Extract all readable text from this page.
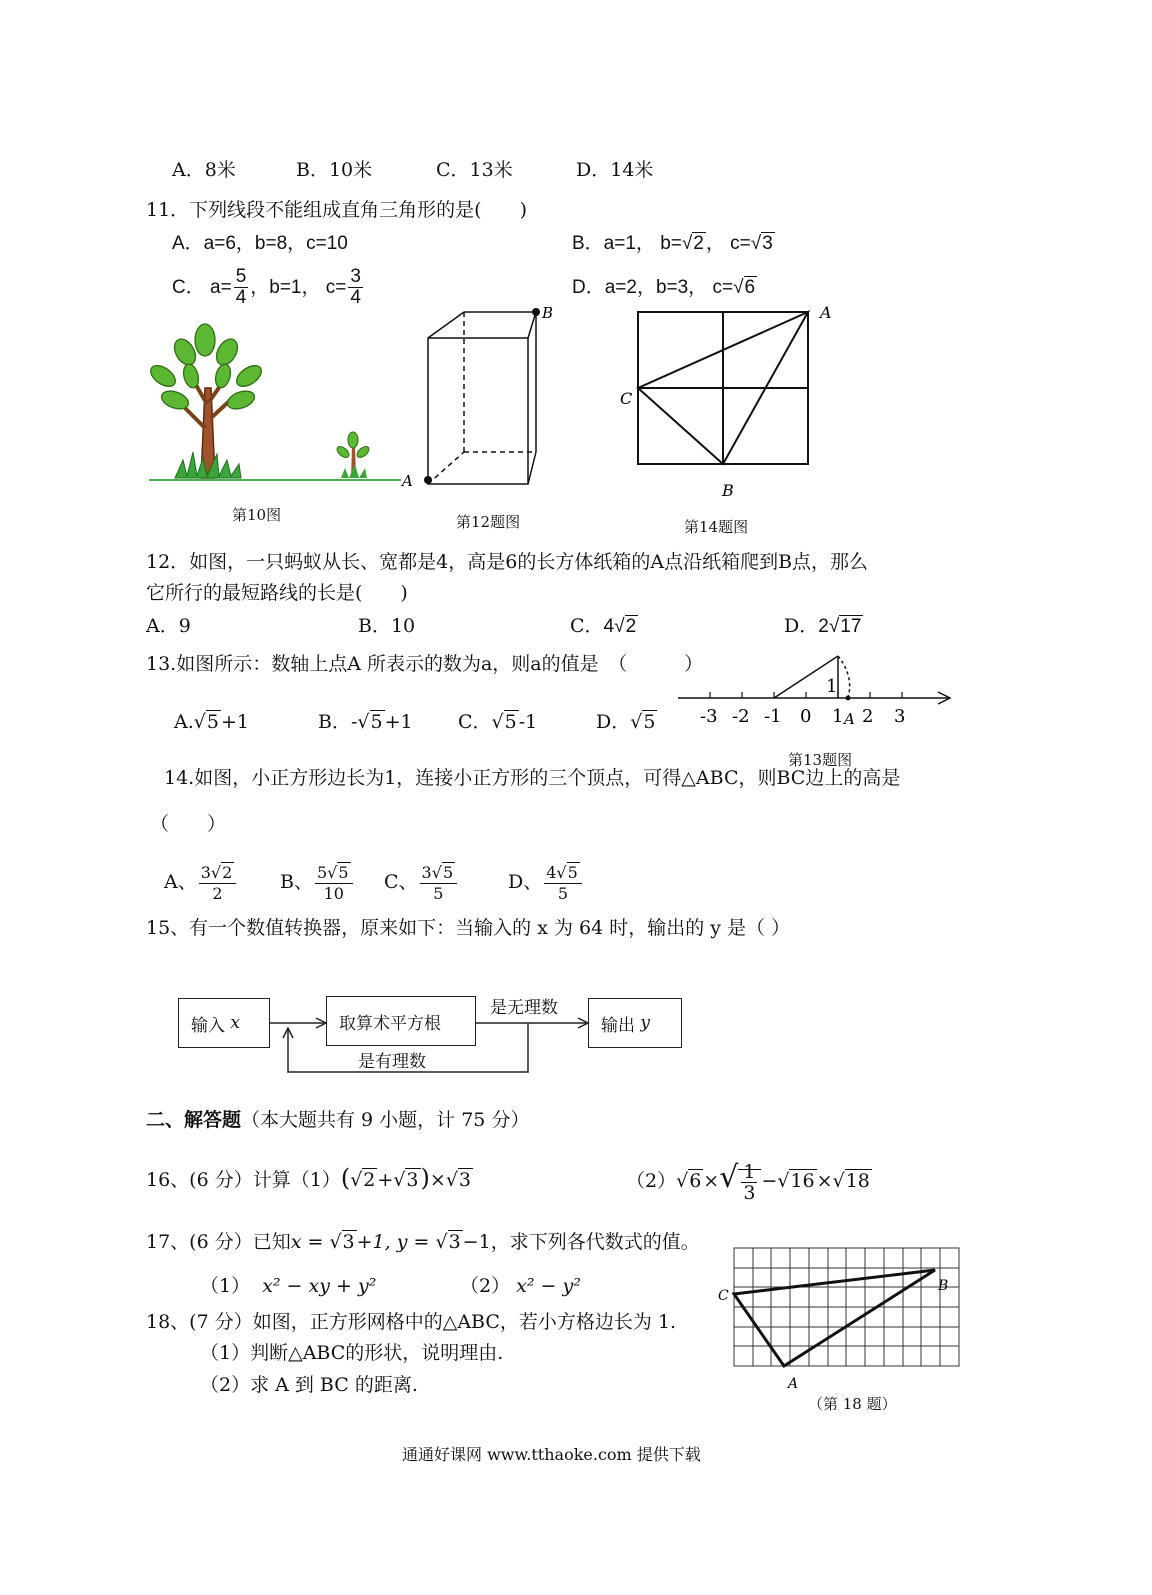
A．8米	B．10米	C．13米	D．14米
11．下列线段不能组成直角三角形的是(　　)
A．a=6，b=8，c=10	B．a=1， b=√2 ， c=√3
C． $a= \frac{5}{4}$ ，b=1， $c= \frac{3}{4}$	D．a=2，b=3， c=√6
第10图
B
A
第12题图
A
C
B
第14题图
12．如图，一只蚂蚁从长、宽都是4，高是6的长方体纸箱的A点沿纸箱爬到B点，那么
它所行的最短路线的长是(　　)
A．9	B．10	C．4√2	D．2√17
13.如图所示：数轴上点A 所表示的数为a，则a的值是　（　　　）
A.√5 +1	B．-√5 +1 C．√5 -1	D．√5 -3 -2 -1 0 1 2 3
1
A
第13题图
14.如图，小正方形边长为1，连接小正方形的三个顶点，可得△ABC，则BC边上的高是
（　　）
A、 $\frac{3√2}{2}$ B、 $\frac{5√5}{10}$ C、 $\frac{3√5}{5}$	D、 $\frac{4√5}{5}$
15、有一个数值转换器，原来如下：当输入的 x 为 64 时，输出的 y 是（ ）
输入
x	取算术平方根	输出
y
是无理数
是有理数
二、解答题（本大题共有 9 小题，计 75 分）
16、(6 分）计算（1）(√2 +√3)×√3	（2）√6 ×√ $\frac{1}{3} -√16 \times√18$
17、(6 分）已知x = √3 +1, y = √3 −1，求下列各代数式的值。
（1） x² − xy + y²	（2） x² − y²
18、(7 分）如图，正方形网格中的△ABC，若小方格边长为 1.
（1）判断△ABC的形状，说明理由.
（2）求 A 到 BC 的距离.
B
C
A
（第 18 题）
通通好课网 www.tthaoke.com 提供下载
